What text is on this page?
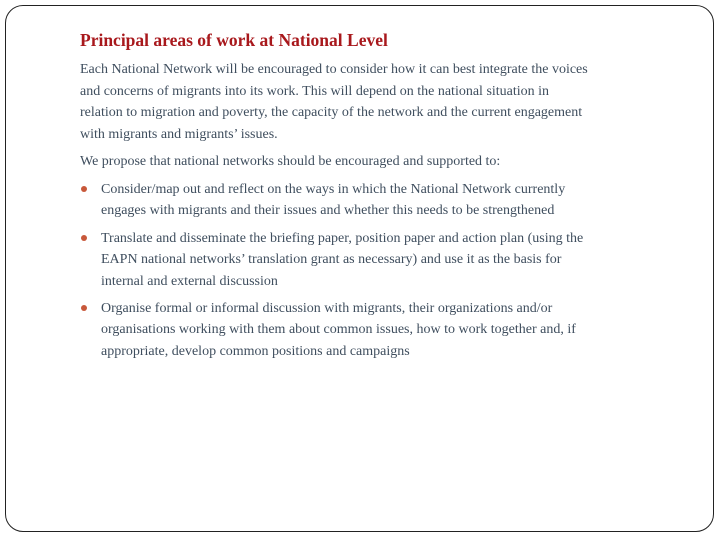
Principal areas of work at National Level
Each National Network will be encouraged to consider how it can best integrate the voices
and concerns of migrants into its work. This will depend on the national situation in
relation to migration and poverty, the capacity of the network and the current engagement
with migrants and migrants’ issues.
We propose that national networks should be encouraged and supported to:
Consider/map out and reflect on the ways in which the National Network currently
engages with migrants and their issues and whether this needs to be strengthened
Translate and disseminate the briefing paper, position paper and action plan (using the
EAPN national networks’ translation grant as necessary) and use it as the basis for
internal and external discussion
Organise formal or informal discussion with migrants, their organizations and/or
organisations working with them about common issues, how to work together and, if
appropriate, develop common positions and campaigns
